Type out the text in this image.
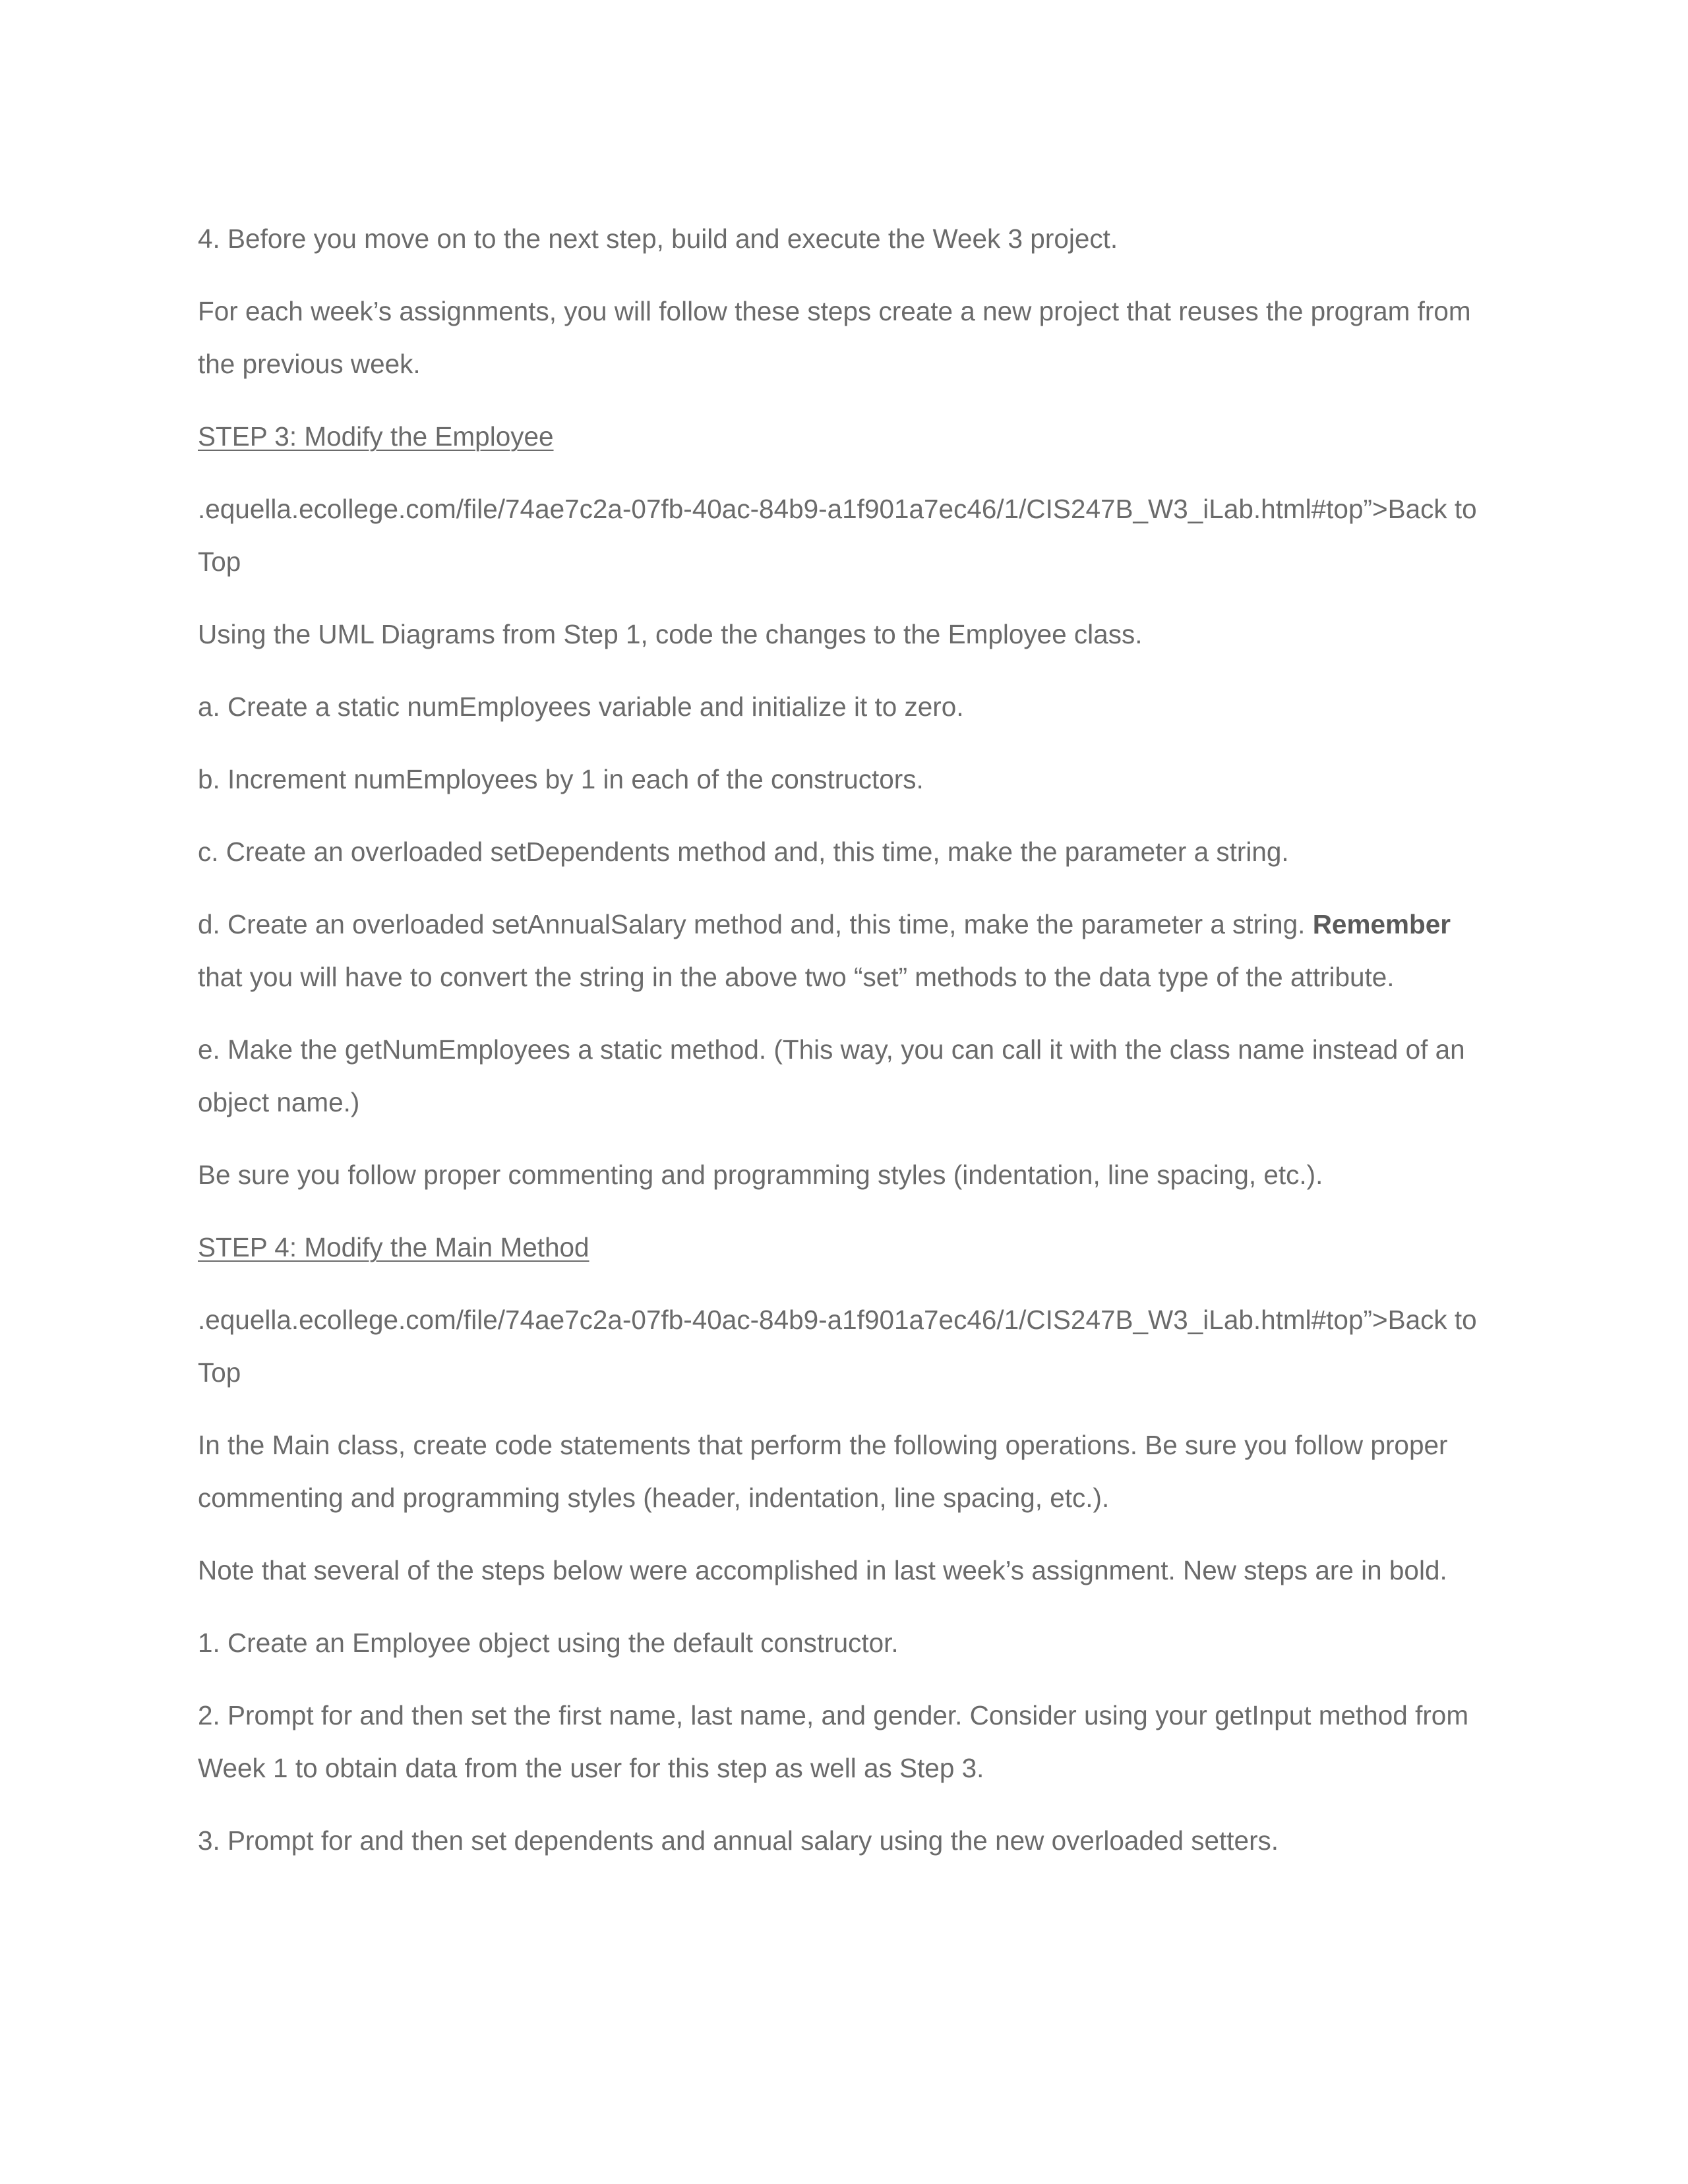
4. Before you move on to the next step, build and execute the Week 3 project.

For each week’s assignments, you will follow these steps create a new project that reuses the program from the previous week.

STEP 3: Modify the Employee

.equella.ecollege.com/file/74ae7c2a-07fb-40ac-84b9-a1f901a7ec46/1/CIS247B_W3_iLab.html#top”>Back to Top

Using the UML Diagrams from Step 1, code the changes to the Employee class.

a. Create a static numEmployees variable and initialize it to zero.

b. Increment numEmployees by 1 in each of the constructors.

c. Create an overloaded setDependents method and, this time, make the parameter a string.

d. Create an overloaded setAnnualSalary method and, this time, make the parameter a string. Remember that you will have to convert the string in the above two “set” methods to the data type of the attribute.

e. Make the getNumEmployees a static method. (This way, you can call it with the class name instead of an object name.)

Be sure you follow proper commenting and programming styles (indentation, line spacing, etc.).

STEP 4: Modify the Main Method

.equella.ecollege.com/file/74ae7c2a-07fb-40ac-84b9-a1f901a7ec46/1/CIS247B_W3_iLab.html#top”>Back to Top

In the Main class, create code statements that perform the following operations. Be sure you follow proper commenting and programming styles (header, indentation, line spacing, etc.).

Note that several of the steps below were accomplished in last week’s assignment. New steps are in bold.

1. Create an Employee object using the default constructor.

2. Prompt for and then set the first name, last name, and gender. Consider using your getInput method from Week 1 to obtain data from the user for this step as well as Step 3.

3. Prompt for and then set dependents and annual salary using the new overloaded setters.
